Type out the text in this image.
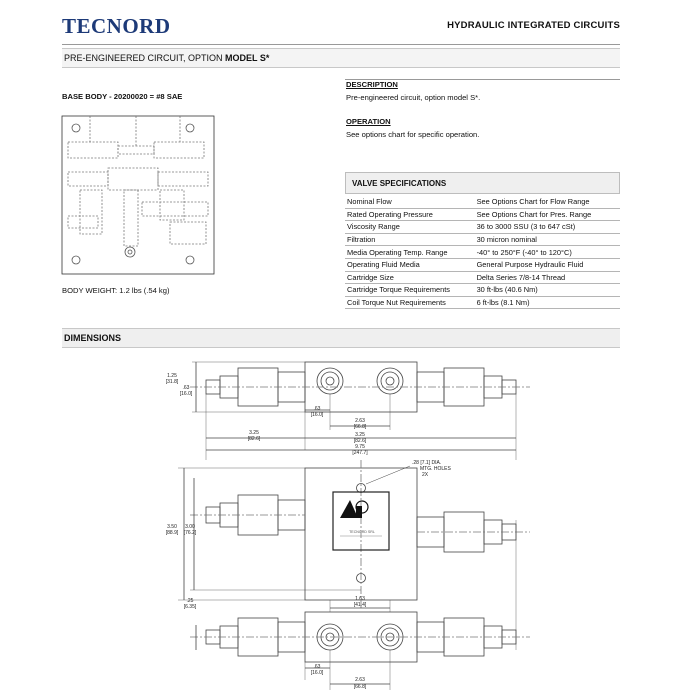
TECNORD	HYDRAULIC INTEGRATED CIRCUITS
PRE-ENGINEERED CIRCUIT, OPTION MODEL S*
BASE BODY - 20200020 = #8 SAE
BODY WEIGHT: 1.2 lbs (.54 kg)
DESCRIPTION
Pre-engineered circuit, option model S*.
OPERATION
See options chart for specific operation.
VALVE SPECIFICATIONS
Nominal Flow	See Options Chart for Flow Range
Rated Operating Pressure	See Options Chart for Pres. Range
Viscosity Range	36 to 3000 SSU (3 to 647 cSt)
Filtration	30 micron nominal
Media Operating Temp. Range	-40° to 250°F (-40° to 120°C)
Operating Fluid Media	General Purpose Hydraulic Fluid
Cartridge Size	Delta Series 7/8-14 Thread
Cartridge Torque Requirements	30 ft-lbs (40.6 Nm)
Coil Torque Nut Requirements	6 ft-lbs (8.1 Nm)
DIMENSIONS
TECNORD SRL
1.25
[31.8]
.63
[16.0]
.63
[16.0]
2.63
[66.8]
3.25
[82.6]
3.25
[82.6]
9.75
[247.7]
.28 [7.1] DIA.
MTG. HOLES
2X
3.50
[88.9]
3.00
[76.2]
.25
[6.35]
1.63
[41.4]
.63
[16.0]
2.63
[66.8]
